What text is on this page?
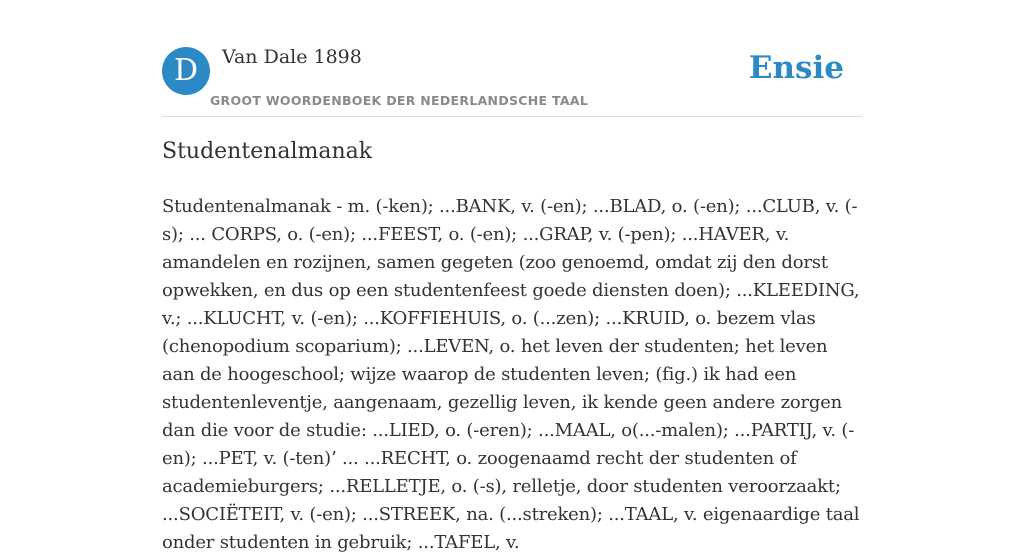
D	Van Dale 1898
GROOT WOORDENBOEK DER NEDERLANDSCHE TAAL
Ensie
Studentenalmanak

Studentenalmanak - m. (-ken); ...BANK, v. (-en); ...BLAD, o. (-en); ...CLUB, v. (-s); ... CORPS, o. (-en); ...FEEST, o. (-en); ...GRAP, v. (-pen); ...HAVER, v. amandelen en rozijnen, samen gegeten (zoo genoemd, omdat zij den dorst opwekken, en dus op een studentenfeest goede diensten doen); ...KLEEDING, v.; ...KLUCHT, v. (-en); ...KOFFIEHUIS, o. (...zen); ...KRUID, o. bezem vlas (chenopodium scoparium); ...LEVEN, o. het leven der studenten; het leven aan de hoogeschool; wijze waarop de studenten leven; (fig.) ik had een studentenleventje, aangenaam, gezellig leven, ik kende geen andere zorgen dan die voor de studie: ...LIED, o. (-eren); ...MAAL, o(...-malen); ...PARTIJ, v. (-en); ...PET, v. (-ten)’ ... ...RECHT, o. zoogenaamd recht der studenten of academieburgers; ...RELLETJE, o. (-s), relletje, door studenten veroorzaakt; ...SOCIËTEIT, v. (-en); ...STREEK, na. (...streken); ...TAAL, v. eigenaardige taal onder studenten in gebruik; ...TAFEL, v.
